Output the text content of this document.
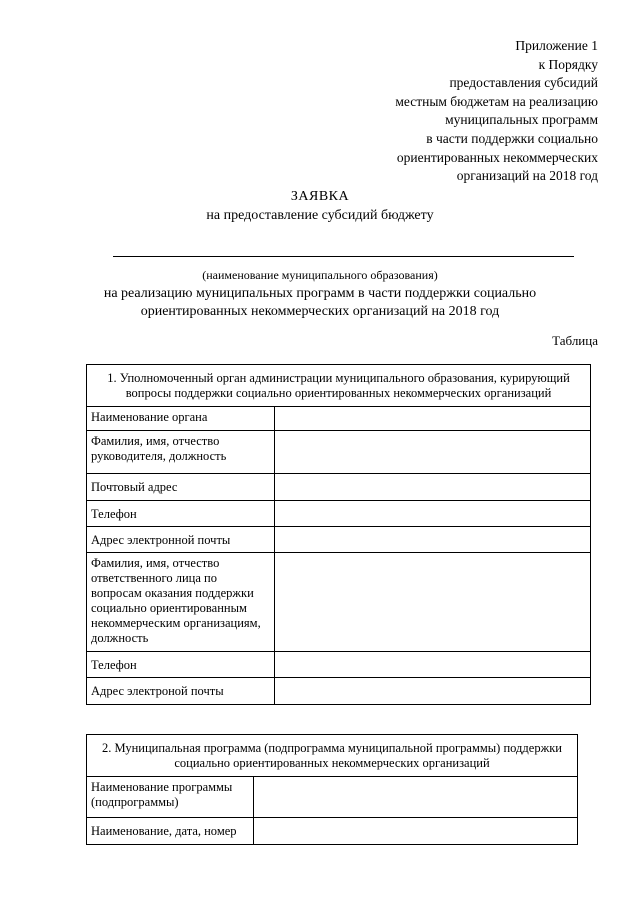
Приложение 1
к Порядку
предоставления субсидий
местным бюджетам на реализацию
муниципальных программ
в части поддержки социально
ориентированных некоммерческих
организаций на 2018 год
ЗАЯВКА
на предоставление субсидий бюджету
(наименование муниципального образования)
на реализацию муниципальных программ в части поддержки социально
ориентированных некоммерческих организаций на 2018 год
Таблица
1. Уполномоченный орган администрации муниципального образования, курирующий вопросы поддержки социально ориентированных некоммерческих организаций	
Наименование органа	
Фамилия, имя, отчество руководителя, должность	
Почтовый адрес	
Телефон	
Адрес электронной почты	
Фамилия, имя, отчество ответственного лица по вопросам оказания поддержки социально ориентированным некоммерческим организациям, должность	
Телефон	
Адрес электроной почты	
2. Муниципальная программа (подпрограмма муниципальной программы) поддержки социально ориентированных некоммерческих организаций	
Наименование программы (подпрограммы)	
Наименование, дата, номер	
